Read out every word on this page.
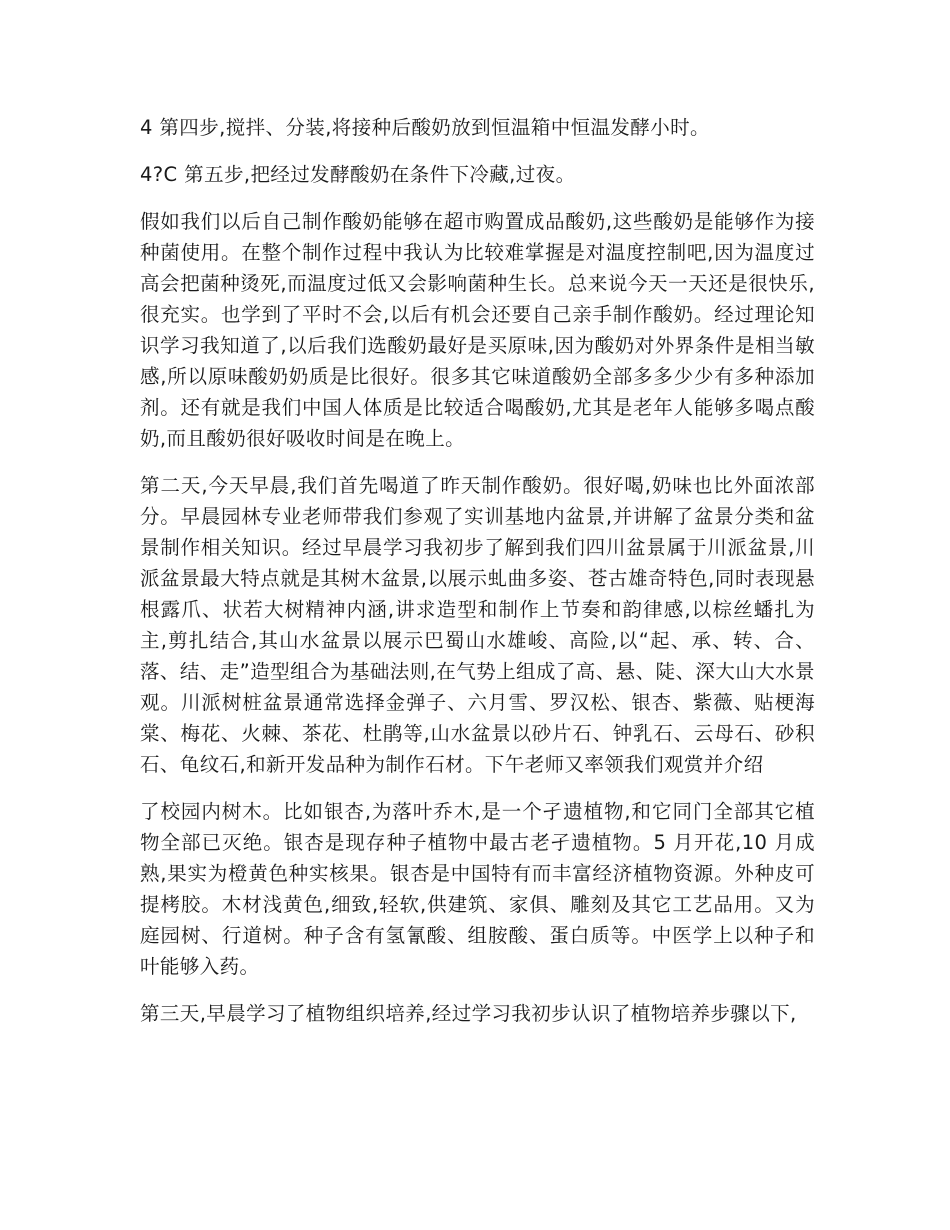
4 第四步,搅拌、分装,将接种后酸奶放到恒温箱中恒温发酵小时。

4?C 第五步,把经过发酵酸奶在条件下冷藏,过夜。

假如我们以后自己制作酸奶能够在超市购置成品酸奶,这些酸奶是能够作为接种菌使用。在整个制作过程中我认为比较难掌握是对温度控制吧,因为温度过高会把菌种烫死,而温度过低又会影响菌种生长。总来说今天一天还是很快乐,很充实。也学到了平时不会,以后有机会还要自己亲手制作酸奶。经过理论知识学习我知道了,以后我们选酸奶最好是买原味,因为酸奶对外界条件是相当敏感,所以原味酸奶奶质是比很好。很多其它味道酸奶全部多多少少有多种添加剂。还有就是我们中国人体质是比较适合喝酸奶,尤其是老年人能够多喝点酸奶,而且酸奶很好吸收时间是在晚上。

第二天,今天早晨,我们首先喝道了昨天制作酸奶。很好喝,奶味也比外面浓部分。早晨园林专业老师带我们参观了实训基地内盆景,并讲解了盆景分类和盆景制作相关知识。经过早晨学习我初步了解到我们四川盆景属于川派盆景,川派盆景最大特点就是其树木盆景,以展示虬曲多姿、苍古雄奇特色,同时表现悬根露爪、状若大树精神内涵,讲求造型和制作上节奏和韵律感,以棕丝蟠扎为主,剪扎结合,其山水盆景以展示巴蜀山水雄峻、高险,以“起、承、转、合、落、结、走”造型组合为基础法则,在气势上组成了高、悬、陡、深大山大水景观。川派树桩盆景通常选择金弹子、六月雪、罗汉松、银杏、紫薇、贴梗海棠、梅花、火棘、茶花、杜鹃等,山水盆景以砂片石、钟乳石、云母石、砂积石、龟纹石,和新开发品种为制作石材。下午老师又率领我们观赏并介绍

了校园内树木。比如银杏,为落叶乔木,是一个孑遗植物,和它同门全部其它植物全部已灭绝。银杏是现存种子植物中最古老孑遗植物。5 月开花,10 月成熟,果实为橙黄色种实核果。银杏是中国特有而丰富经济植物资源。外种皮可提栲胶。木材浅黄色,细致,轻软,供建筑、家俱、雕刻及其它工艺品用。又为庭园树、行道树。种子含有氢氰酸、组胺酸、蛋白质等。中医学上以种子和叶能够入药。

第三天,早晨学习了植物组织培养,经过学习我初步认识了植物培养步骤以下,
